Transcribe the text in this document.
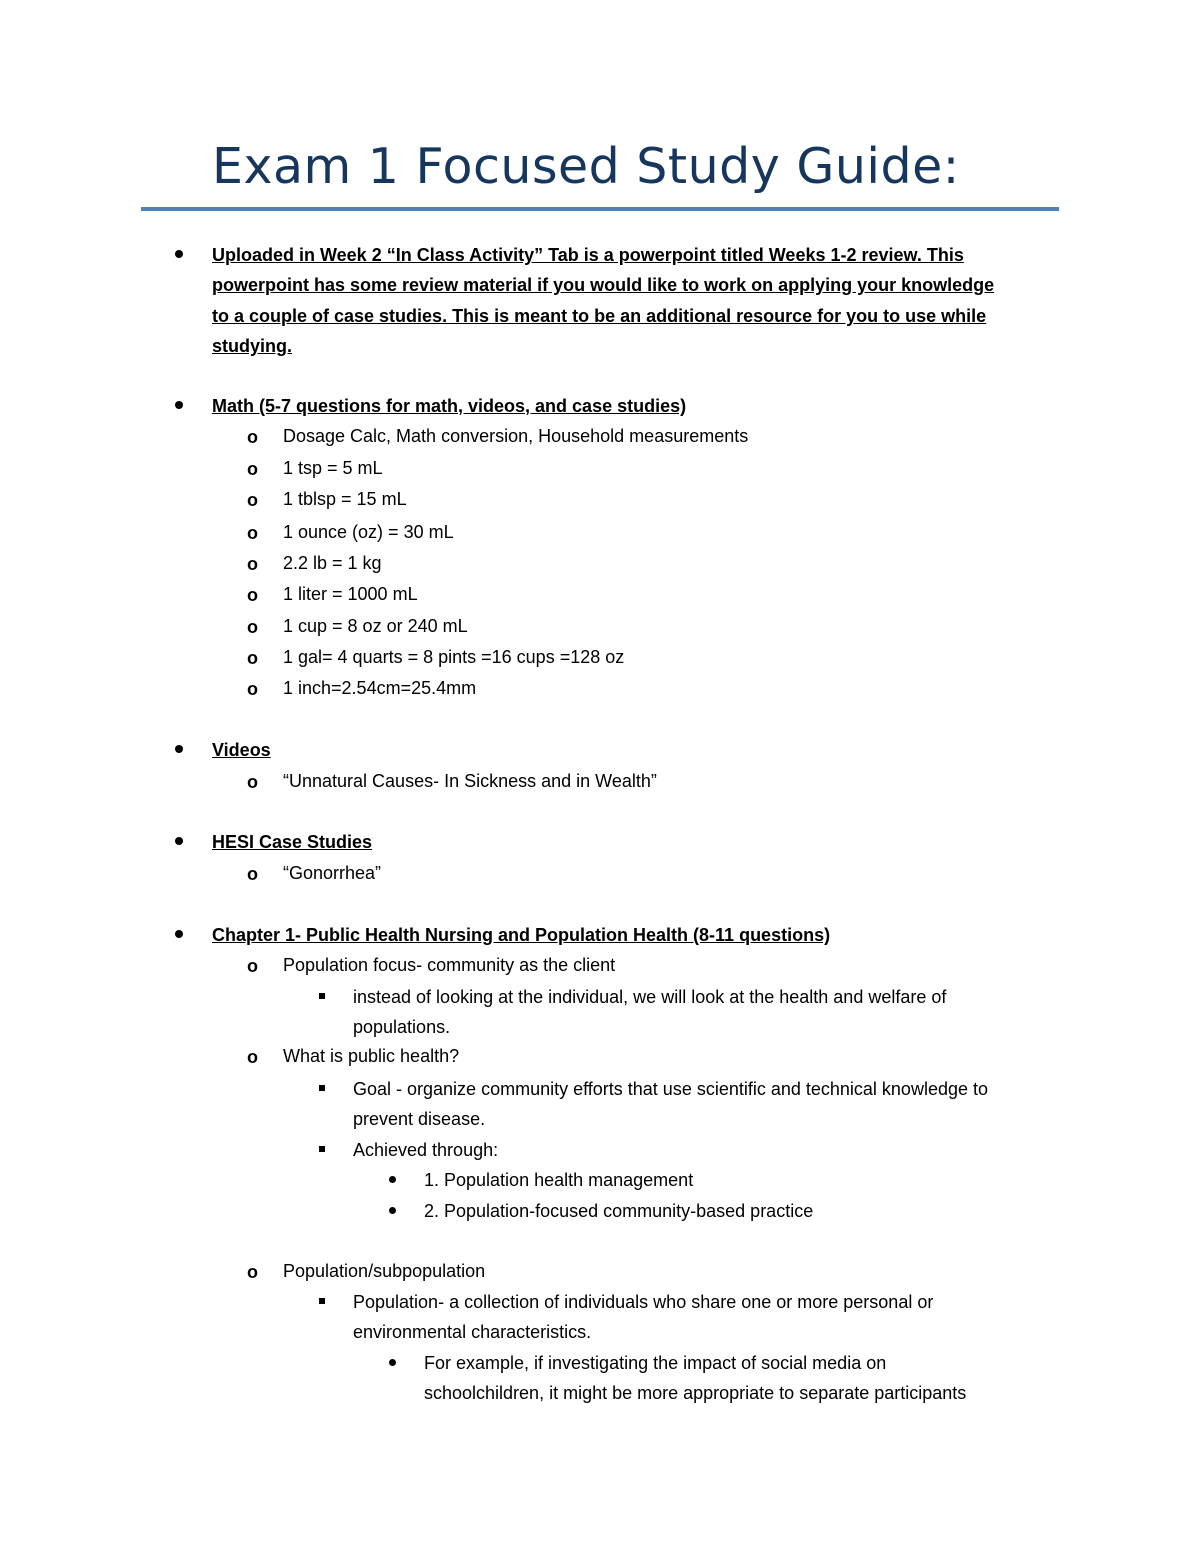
Exam 1 Focused Study Guide:
Uploaded in Week 2 “In Class Activity” Tab is a powerpoint titled Weeks 1-2 review. This
powerpoint has some review material if you would like to work on applying your knowledge
to a couple of case studies. This is meant to be an additional resource for you to use while
studying.
Math (5-7 questions for math, videos, and case studies)
o Dosage Calc, Math conversion, Household measurements
o 1 tsp = 5 mL
o 1 tblsp = 15 mL
o 1 ounce (oz) = 30 mL
o 2.2 lb = 1 kg
o 1 liter = 1000 mL
o 1 cup = 8 oz or 240 mL
o 1 gal= 4 quarts = 8 pints =16 cups =128 oz
o 1 inch=2.54cm=25.4mm
Videos
o “Unnatural Causes- In Sickness and in Wealth”
HESI Case Studies
o “Gonorrhea”
Chapter 1- Public Health Nursing and Population Health (8-11 questions)
o Population focus- community as the client
instead of looking at the individual, we will look at the health and welfare of
populations.
o What is public health?
Goal - organize community efforts that use scientific and technical knowledge to
prevent disease.
Achieved through:
1. Population health management
2. Population-focused community-based practice
o Population/subpopulation
Population- a collection of individuals who share one or more personal or
environmental characteristics.
For example, if investigating the impact of social media on
schoolchildren, it might be more appropriate to separate participants
